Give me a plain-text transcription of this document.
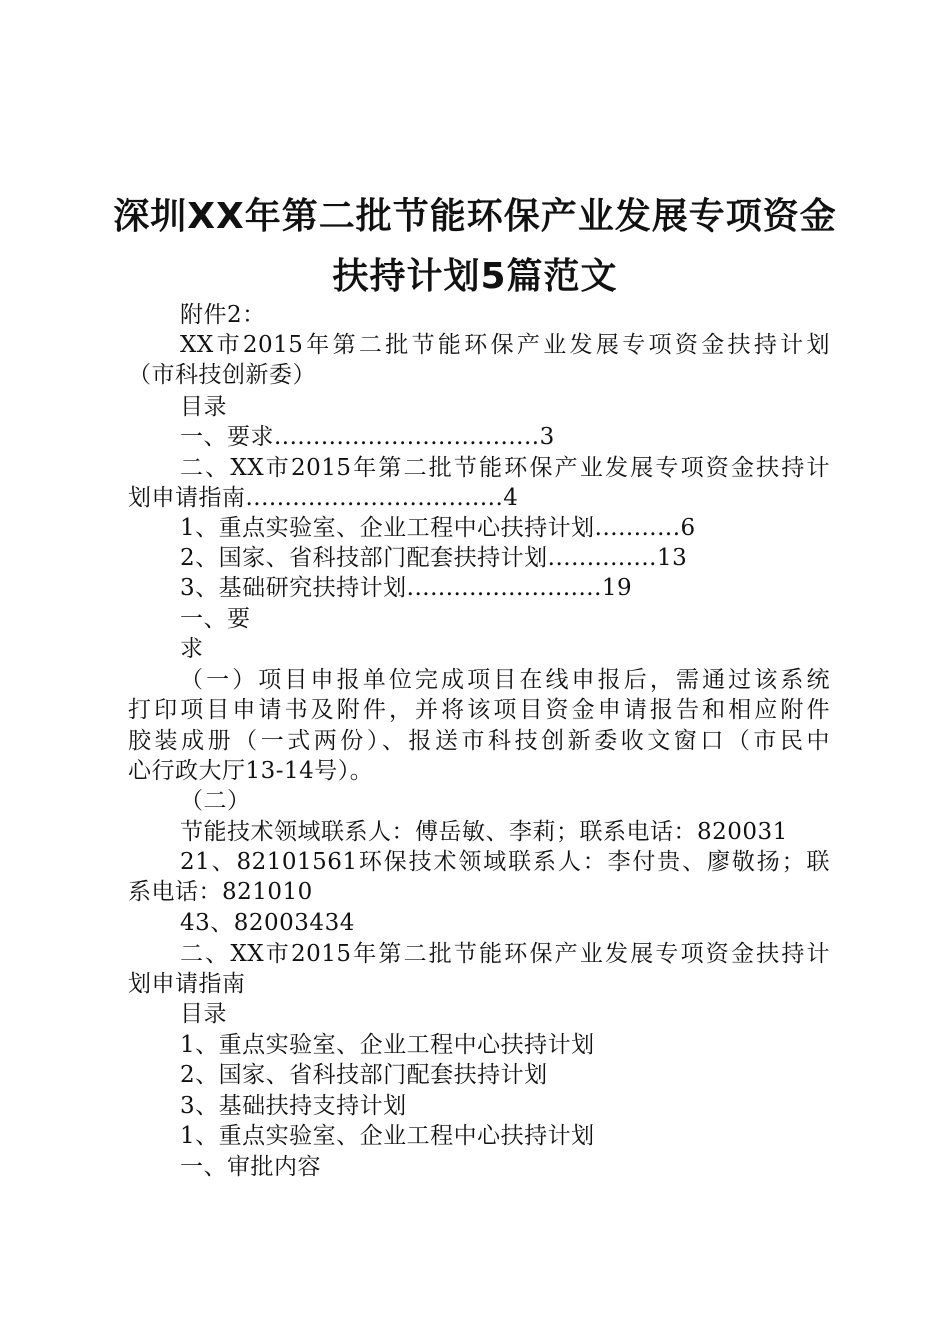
深圳XX年第二批节能环保产业发展专项资金
扶持计划5篇范文
附件2：
XX市2015年第二批节能环保产业发展专项资金扶持计划
（市科技创新委）
目录
一、要求..................................3
二、XX市2015年第二批节能环保产业发展专项资金扶持计
划申请指南.................................4
1、重点实验室、企业工程中心扶持计划...........6
2、国家、省科技部门配套扶持计划..............13
3、基础研究扶持计划.........................19
一、要
求
（一）项目申报单位完成项目在线申报后，需通过该系统
打印项目申请书及附件，并将该项目资金申请报告和相应附件
胶装成册（一式两份）、报送市科技创新委收文窗口（市民中
心行政大厅13-14号）。
（二）
节能技术领域联系人：傅岳敏、李莉；联系电话：820031
21、82101561环保技术领域联系人：李付贵、廖敬扬；联
系电话：821010
43、82003434
二、XX市2015年第二批节能环保产业发展专项资金扶持计
划申请指南
目录
1、重点实验室、企业工程中心扶持计划
2、国家、省科技部门配套扶持计划
3、基础扶持支持计划
1、重点实验室、企业工程中心扶持计划
一、审批内容
